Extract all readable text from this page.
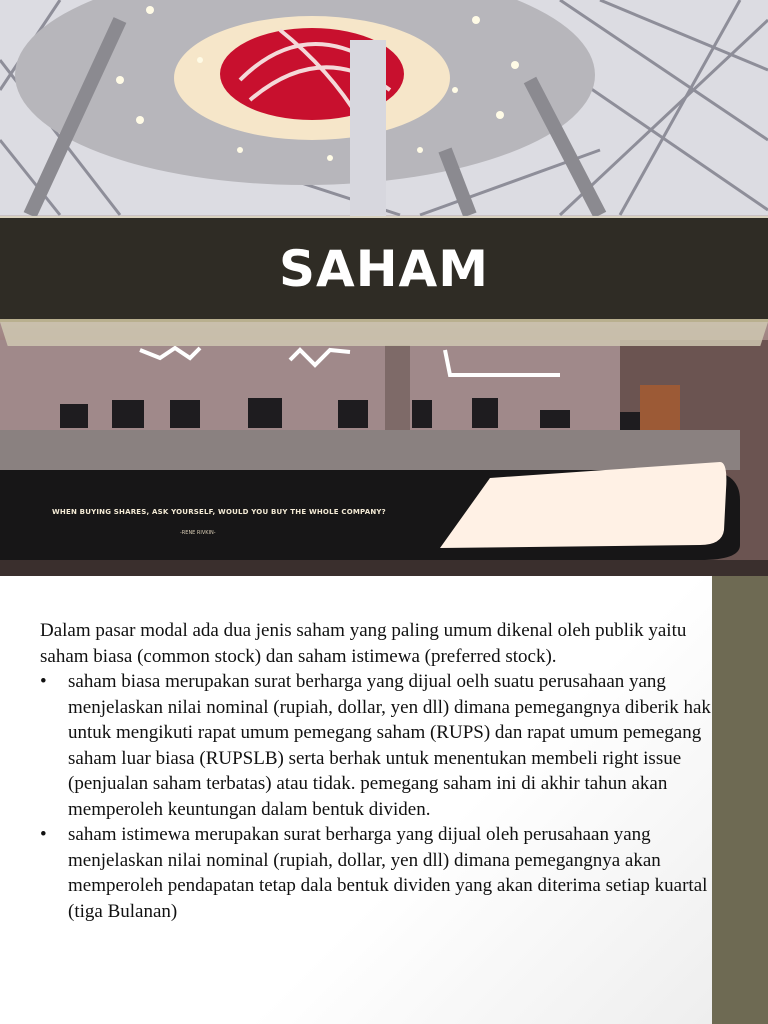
WHEN BUYING SHARES, ASK YOURSELF, WOULD YOU BUY THE WHOLE COMPANY?
-RENE RIVKIN-
SAHAM

Dalam pasar modal ada dua jenis saham yang paling umum dikenal oleh publik yaitu saham biasa (common stock) dan saham istimewa (preferred stock).

• saham biasa merupakan surat berharga yang dijual oelh suatu perusahaan yang menjelaskan nilai nominal (rupiah, dollar, yen dll) dimana pemegangnya diberik hak untuk mengikuti rapat umum pemegang saham (RUPS) dan rapat umum pemegang saham luar biasa (RUPSLB) serta berhak untuk menentukan membeli right issue (penjualan saham terbatas) atau tidak. pemegang saham ini di akhir tahun akan memperoleh keuntungan dalam bentuk dividen.
• saham istimewa merupakan surat berharga yang dijual oleh perusahaan yang menjelaskan nilai nominal (rupiah, dollar, yen dll) dimana pemegangnya akan memperoleh pendapatan tetap dala bentuk dividen yang akan diterima setiap kuartal (tiga Bulanan)
